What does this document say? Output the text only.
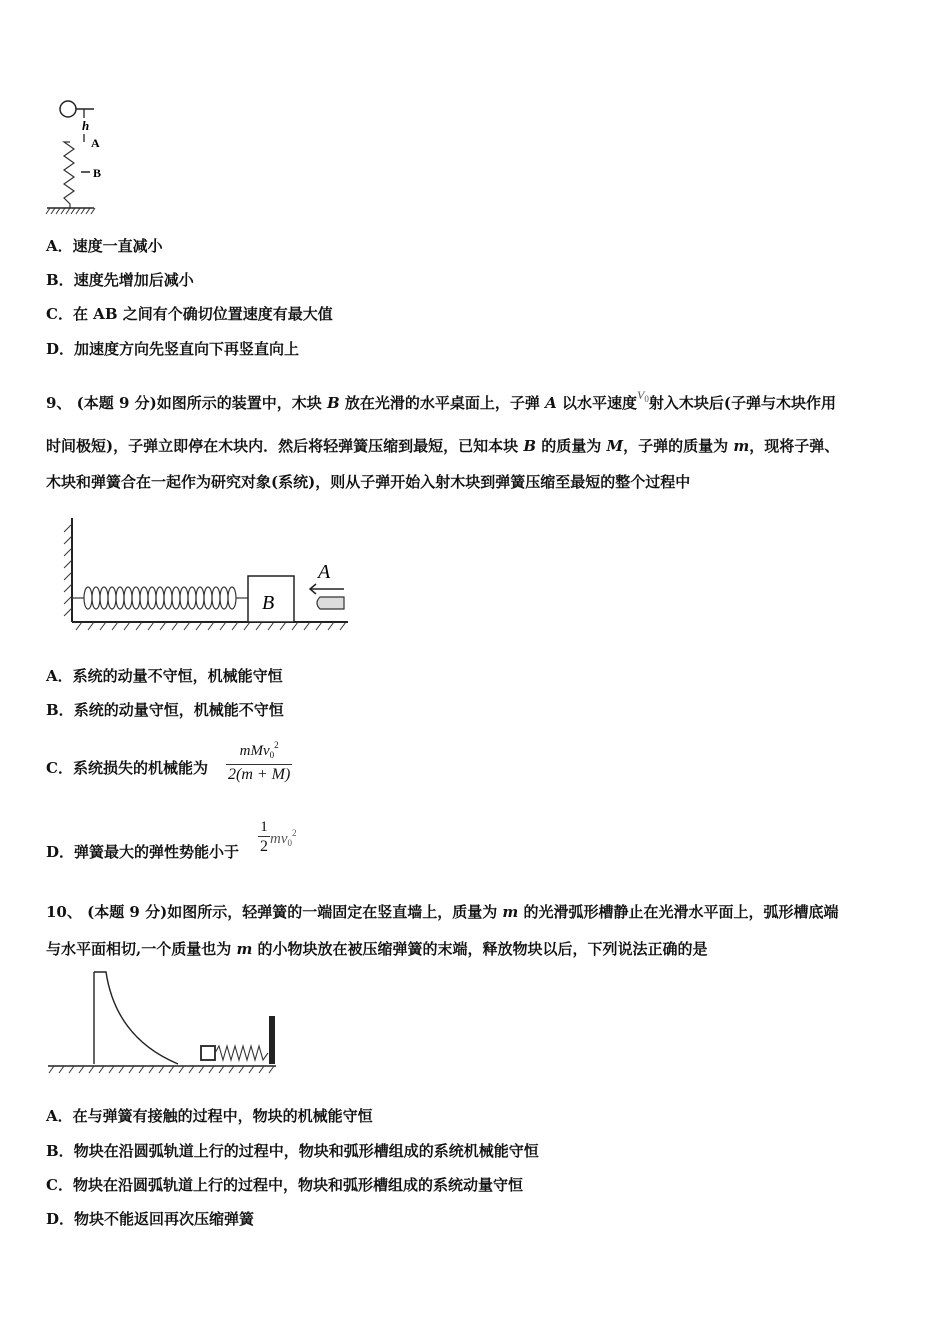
h
A
B
A．速度一直减小
B．速度先增加后减小
C．在 AB 之间有个确切位置速度有最大值
D．加速度方向先竖直向下再竖直向上
9、 (本题 9 分)如图所示的装置中，木块 B 放在光滑的水平桌面上，子弹 A 以水平速度$^{V_0}$射入木块后(子弹与木块作用
时间极短)，子弹立即停在木块内．然后将轻弹簧压缩到最短，已知本块 B 的质量为 M，子弹的质量为 m，现将子弹、
木块和弹簧合在一起作为研究对象(系统)，则从子弹开始入射木块到弹簧压缩至最短的整个过程中
B
A
A．系统的动量不守恒，机械能守恒
B．系统的动量守恒，机械能不守恒
C．系统损失的机械能为 $\frac{mMv_0^2}{2(m + M)}$
D．弹簧最大的弹性势能小于 $\frac{1}{2} mv_0^2$
10、 (本题 9 分)如图所示，轻弹簧的一端固定在竖直墙上，质量为 m 的光滑弧形槽静止在光滑水平面上，弧形槽底端
与水平面相切,一个质量也为 m 的小物块放在被压缩弹簧的末端，释放物块以后，下列说法正确的是
A．在与弹簧有接触的过程中，物块的机械能守恒
B．物块在沿圆弧轨道上行的过程中，物块和弧形槽组成的系统机械能守恒
C．物块在沿圆弧轨道上行的过程中，物块和弧形槽组成的系统动量守恒
D．物块不能返回再次压缩弹簧
